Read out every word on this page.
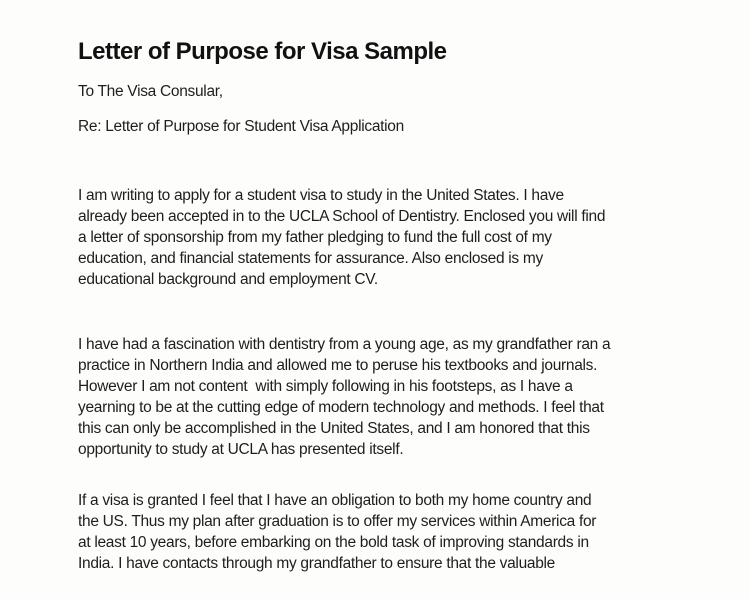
Letter of Purpose for Visa Sample
To The Visa Consular,
Re: Letter of Purpose for Student Visa Application
I am writing to apply for a student visa to study in the United States. I have
already been accepted in to the UCLA School of Dentistry. Enclosed you will find
a letter of sponsorship from my father pledging to fund the full cost of my
education, and financial statements for assurance. Also enclosed is my
educational background and employment CV.
I have had a fascination with dentistry from a young age, as my grandfather ran a
practice in Northern India and allowed me to peruse his textbooks and journals.
However I am not content  with simply following in his footsteps, as I have a
yearning to be at the cutting edge of modern technology and methods. I feel that
this can only be accomplished in the United States, and I am honored that this
opportunity to study at UCLA has presented itself.
If a visa is granted I feel that I have an obligation to both my home country and
the US. Thus my plan after graduation is to offer my services within America for
at least 10 years, before embarking on the bold task of improving standards in
India. I have contacts through my grandfather to ensure that the valuable
